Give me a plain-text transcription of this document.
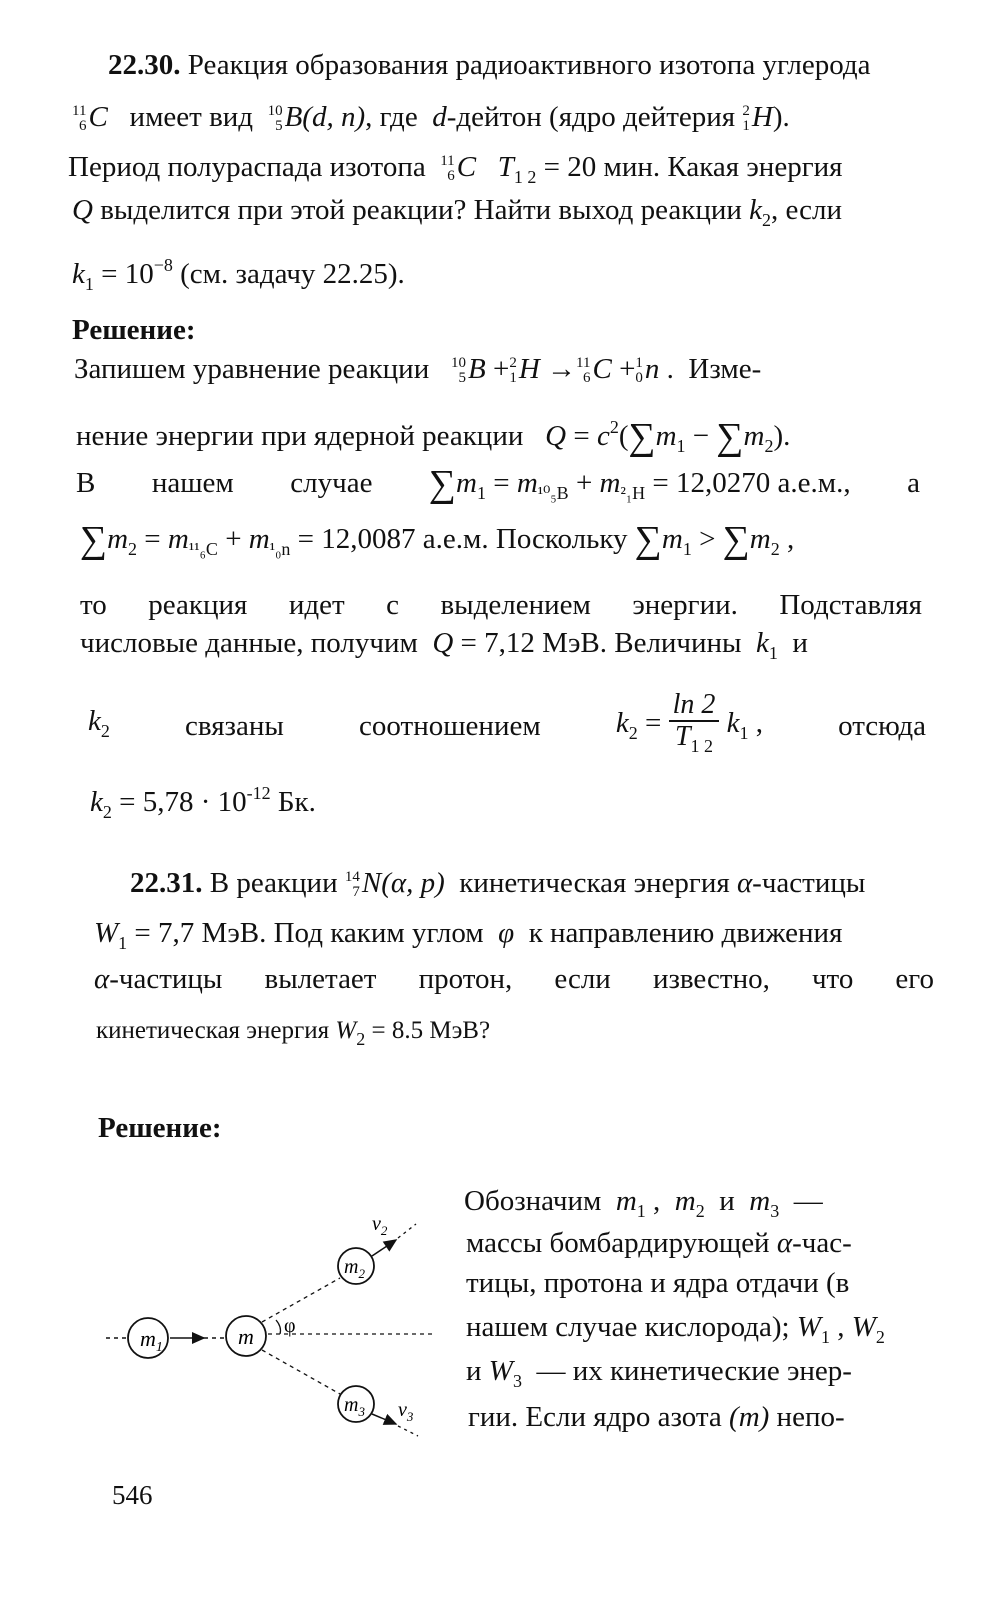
22.30. Реакция образования радиоактивного изотопа углерода
11
6 C имеет вид 10
5 B(d, n), где d-дейтон (ядро дейтерия 2
1 H).
Период полураспада изотопа 11
6 C $T_{1 2} = 20$ мин. Какая энергия
Q выделится при этой реакции? Найти выход реакции $k_2$, если
$k_1 = 10^{-8}$ (см. задачу 22.25).
Решение:
Запишем уравнение реакции 10
5 B + 2
1 H → 11
6 C + 1
0 n .  Изме-
нение энергии при ядерной реакции $Q = c^2(\sum m_1 - \sum m_2)$.
В нашем случае $\sum m_1 = m_{^{10}_5B} + m_{^2_1H} = 12,0270$ а.е.м., а
$\sum m_2 = m_{^{11}_6C} + m_{^1_0n} = 12,0087$ а.е.м. Поскольку $\sum m_1 > \sum m_2$ ,
то реакция идет с выделением энергии. Подставляя
числовые данные, получим Q = 7,12 МэВ. Величины $k_1$ и
$k_2$	связаны	соотношением	$k_2 = \frac{\ln 2}{T_{1 2}} k_1$ ,	отсюда
$k_2 = 5,78 \cdot 10^{-12}$ Бк.
22.31. В реакции 14
7 N(α, p) кинетическая энергия α-частицы
$W_1 = 7,7$ МэВ. Под каким углом φ к направлению движения
α-частицы вылетает протон, если известно, что его
кинетическая энергия $W_2 = 8.5$ МэВ?
Решение:
Обозначим $m_1$ ,  $m_2$ и $m_3$ —
массы бомбардирующей α-час-
тицы, протона и ядра отдачи (в
нашем случае кислорода); $W_1$ , $W_2$
и $W_3$ — их кинетические энер-
гии. Если ядро азота (m) непо-
$m_1$	m
$m_2$
$m_3$
$v_2$
$v_3$
φ
546
